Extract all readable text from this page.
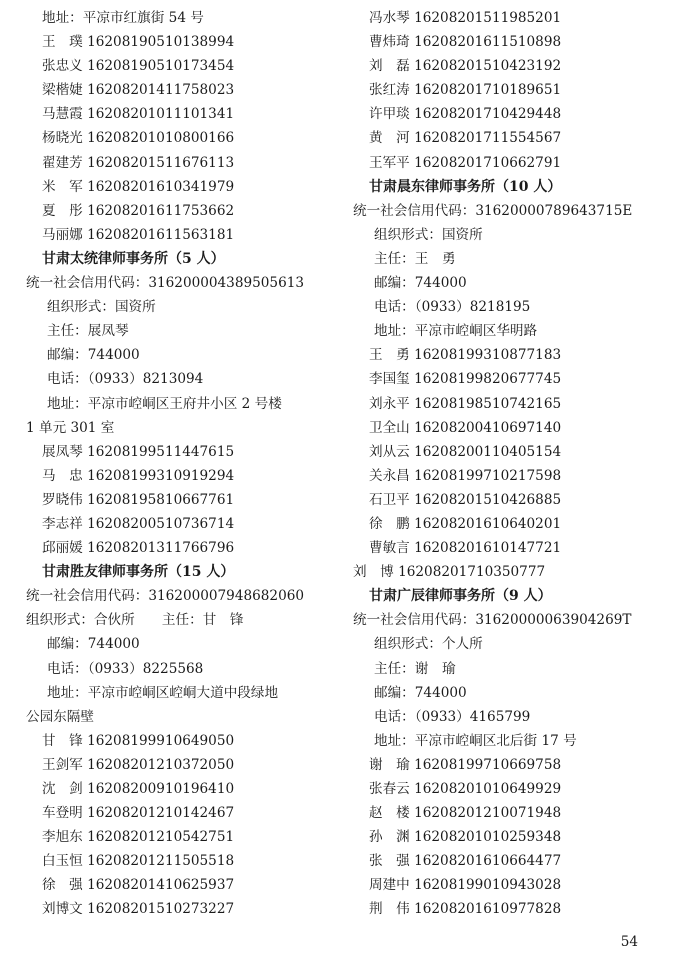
地址：平凉市红旗街 54 号
王　璞 16208190510138994
张忠义 16208190510173454
梁楷婕 16208201411758023
马慧霞 16208201011101341
杨晓光 16208201010800166
翟建芳 16208201511676113
米　军 16208201610341979
夏　彤 16208201611753662
马丽娜 16208201611563181
甘肃太统律师事务所（5 人）
统一社会信用代码：316200004389505613
组织形式：国资所
主任：展凤琴
邮编：744000
电话：（0933）8213094
地址：平凉市崆峒区王府井小区 2 号楼
1 单元 301 室
展凤琴 16208199511447615
马　忠 16208199310919294
罗晓伟 16208195810667761
李志祥 16208200510736714
邱丽媛 16208201311766796
甘肃胜友律师事务所（15 人）
统一社会信用代码：316200007948682060
组织形式：合伙所　　主任：甘　锋
邮编：744000
电话：（0933）8225568
地址：平凉市崆峒区崆峒大道中段绿地
公园东隔壁
甘　锋 16208199910649050
王剑军 16208201210372050
沈　剑 16208200910196410
车登明 16208201210142467
李旭东 16208201210542751
白玉恒 16208201211505518
徐　强 16208201410625937
刘博文 16208201510273227
冯水琴 16208201511985201
曹炜琦 16208201611510898
刘　磊 16208201510423192
张红涛 16208201710189651
许甲琰 16208201710429448
黄　河 16208201711554567
王军平 16208201710662791
甘肃晨东律师事务所（10 人）
统一社会信用代码：31620000789643715E
组织形式：国资所
主任：王　勇
邮编：744000
电话：（0933）8218195
地址：平凉市崆峒区华明路
王　勇 16208199310877183
李国玺 16208199820677745
刘永平 16208198510742165
卫全山 16208200410697140
刘从云 16208200110405154
关永昌 16208199710217598
石卫平 16208201510426885
徐　鹏 16208201610640201
曹敏言 16208201610147721
刘　博 16208201710350777
甘肃广辰律师事务所（9 人）
统一社会信用代码：31620000063904269T
组织形式：个人所
主任：谢　瑜
邮编：744000
电话：（0933）4165799
地址：平凉市崆峒区北后街 17 号
谢　瑜 16208199710669758
张春云 16208201010649929
赵　楼 16208201210071948
孙　渊 16208201010259348
张　强 16208201610664477
周建中 16208199010943028
荆　伟 16208201610977828
54
